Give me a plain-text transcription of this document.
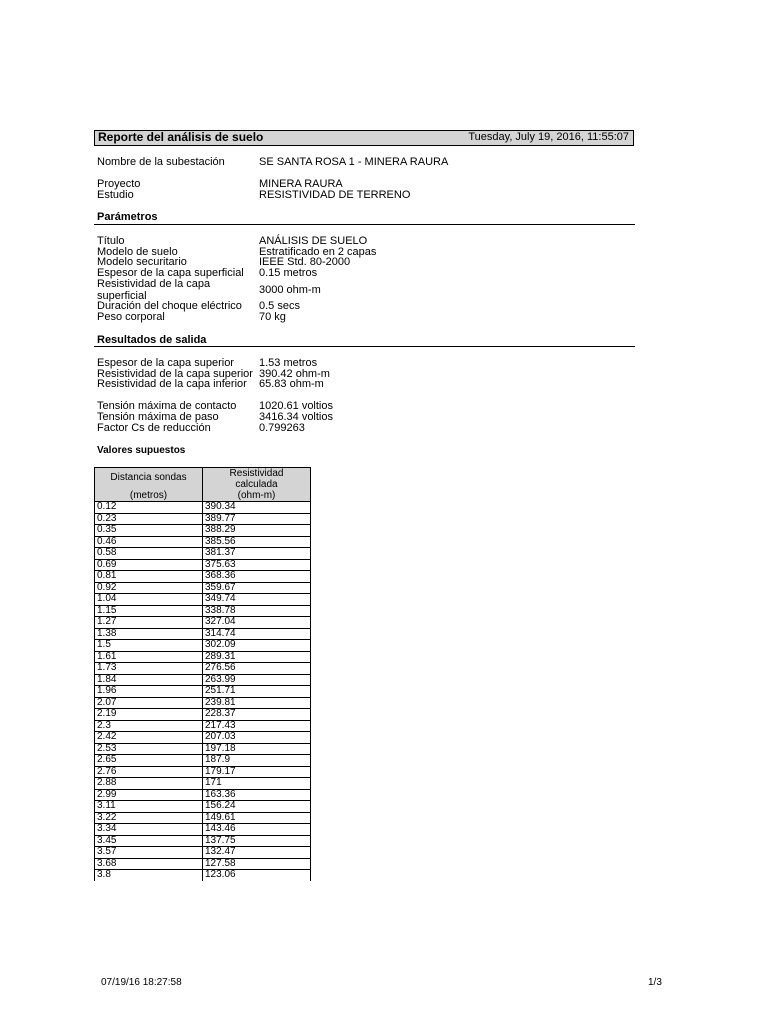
Reporte del análisis de suelo	Tuesday, July 19, 2016, 11:55:07
Nombre de la subestación	SE SANTA ROSA 1 - MINERA RAURA
Proyecto	MINERA RAURA
Estudio	RESISTIVIDAD DE TERRENO
Parámetros
Título	ANÁLISIS DE SUELO
Modelo de suelo	Estratificado en 2 capas
Modelo securitario	IEEE Std. 80-2000
Espesor de la capa superficial 0.15 metros
Resistividad de la capa	3000 ohm-m
superficial
Duración del choque eléctrico 0.5 secs
Peso corporal	70 kg
Resultados de salida
Espesor de la capa superior 1.53 metros
Resistividad de la capa superior 390.42 ohm-m
Resistividad de la capa inferior 65.83 ohm-m
Tensión máxima de contacto 1020.61 voltios
Tensión máxima de paso	3416.34 voltios
Factor Cs de reducción	0.799263
Valores supuestos
Distancia sondas
(metros)	Resistividad
calculada
(ohm-m)

0.12	390.34
0.23	389.77
0.35	388.29
0.46	385.56
0.58	381.37
0.69	375.63
0.81	368.36
0.92	359.67
1.04	349.74
1.15	338.78
1.27	327.04
1.38	314.74
1.5	302.09
1.61	289.31
1.73	276.56
1.84	263.99
1.96	251.71
2.07	239.81
2.19	228.37
2.3	217.43
2.42	207.03
2.53	197.18
2.65	187.9
2.76	179.17
2.88	171
2.99	163.36
3.11	156.24
3.22	149.61
3.34	143.46
3.45	137.75
3.57	132.47
3.68	127.58
3.8	123.06
07/19/16 18:27:58	1/3
